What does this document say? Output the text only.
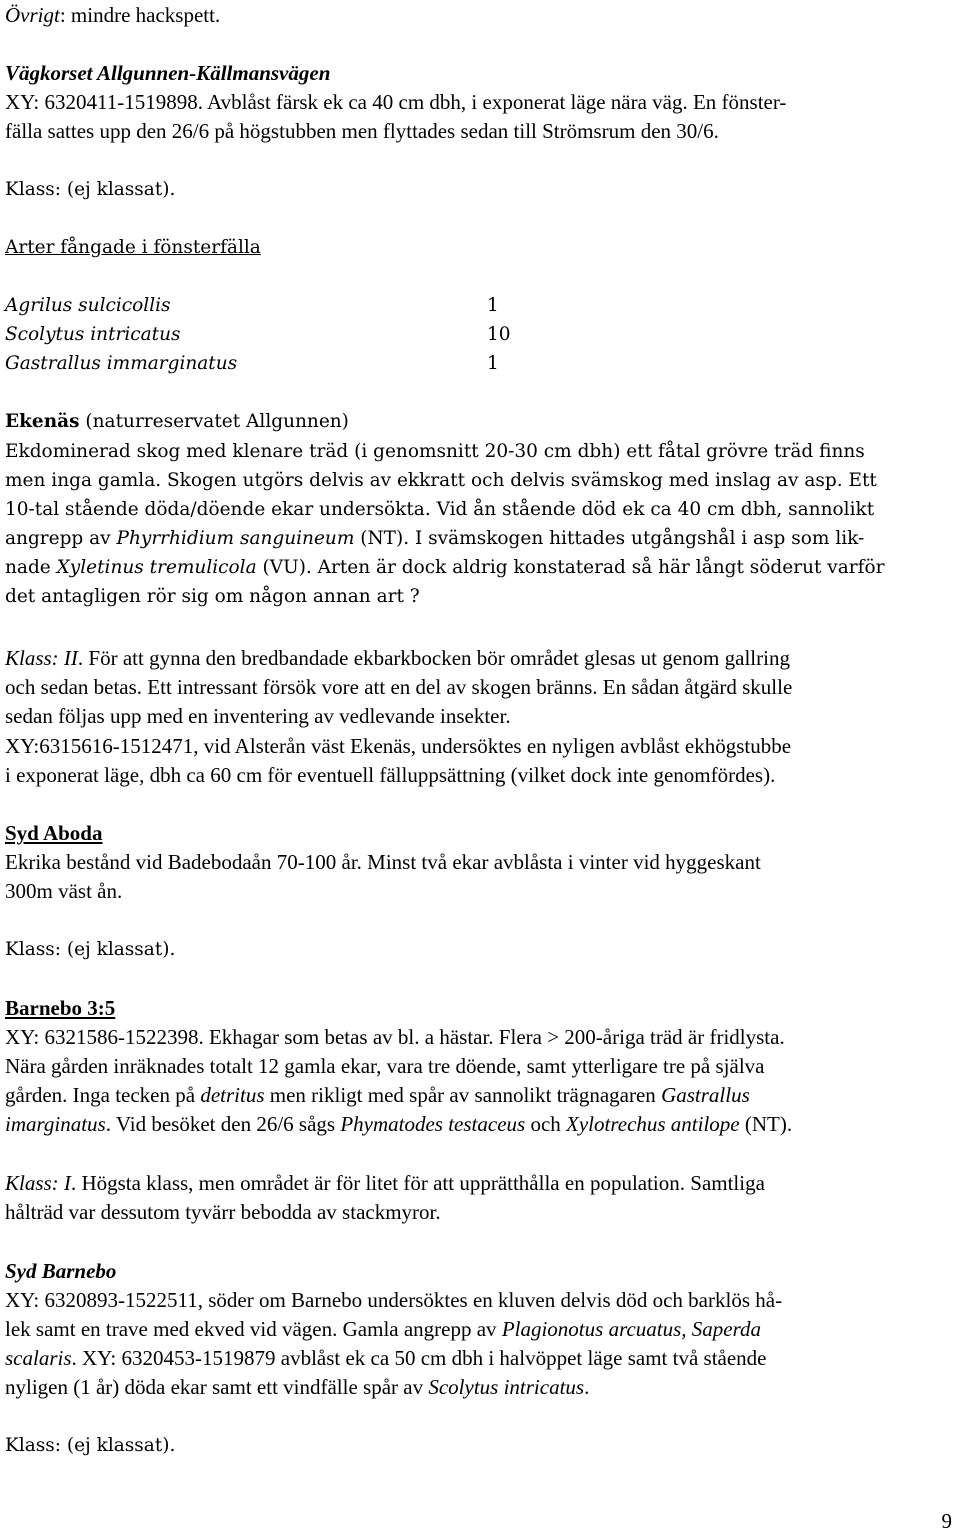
Övrigt: mindre hackspett.
Vägkorset Allgunnen-Källmansvägen
XY: 6320411-1519898. Avblåst färsk ek ca 40 cm dbh, i exponerat läge nära väg. En fönster-
fälla sattes upp den 26/6 på högstubben men flyttades sedan till Strömsrum den 30/6.
Klass: (ej klassat).
Arter fångade i fönsterfälla
Agrilus sulcicollis	1
Scolytus intricatus	10
Gastrallus immarginatus	1
Ekenäs (naturreservatet Allgunnen)
Ekdominerad skog med klenare träd (i genomsnitt 20-30 cm dbh) ett fåtal grövre träd finns
men inga gamla. Skogen utgörs delvis av ekkratt och delvis svämskog med inslag av asp. Ett
10-tal stående döda/döende ekar undersökta. Vid ån stående död ek ca 40 cm dbh, sannolikt
angrepp av Phyrrhidium sanguineum (NT). I svämskogen hittades utgångshål i asp som lik-
nade Xyletinus tremulicola (VU). Arten är dock aldrig konstaterad så här långt söderut varför
det antagligen rör sig om någon annan art ?
Klass: II. För att gynna den bredbandade ekbarkbocken bör området glesas ut genom gallring
och sedan betas. Ett intressant försök vore att en del av skogen bränns. En sådan åtgärd skulle
sedan följas upp med en inventering av vedlevande insekter.
XY:6315616-1512471, vid Alsterån väst Ekenäs, undersöktes en nyligen avblåst ekhögstubbe
i exponerat läge, dbh ca 60 cm för eventuell fälluppsättning (vilket dock inte genomfördes).
Syd Aboda
Ekrika bestånd vid Badebodaån 70-100 år. Minst två ekar avblåsta i vinter vid hyggeskant
300m väst ån.
Klass: (ej klassat).
Barnebo 3:5
XY: 6321586-1522398. Ekhagar som betas av bl. a hästar. Flera > 200-åriga träd är fridlysta.
Nära gården inräknades totalt 12 gamla ekar, vara tre döende, samt ytterligare tre på själva
gården. Inga tecken på detritus men rikligt med spår av sannolikt trägnagaren Gastrallus
imarginatus. Vid besöket den 26/6 sågs Phymatodes testaceus och Xylotrechus antilope (NT).
Klass: I. Högsta klass, men området är för litet för att upprätthålla en population. Samtliga
hålträd var dessutom tyvärr bebodda av stackmyror.
Syd Barnebo
XY: 6320893-1522511, söder om Barnebo undersöktes en kluven delvis död och barklös hå-
lek samt en trave med ekved vid vägen. Gamla angrepp av Plagionotus arcuatus, Saperda
scalaris. XY: 6320453-1519879 avblåst ek ca 50 cm dbh i halvöppet läge samt två stående
nyligen (1 år) döda ekar samt ett vindfälle spår av Scolytus intricatus.
Klass: (ej klassat).
9
